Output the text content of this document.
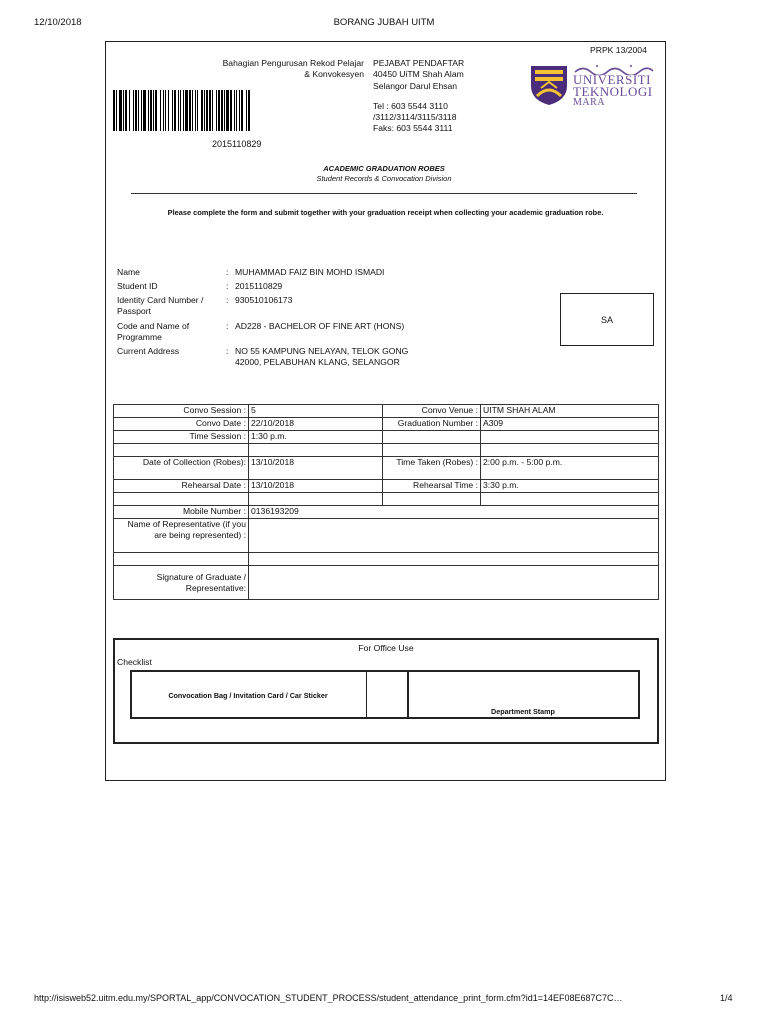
12/10/2018	BORANG JUBAH UITM
PRPK 13/2004
Bahagian Pengurusan Rekod Pelajar
& Konvokesyen
PEJABAT PENDAFTAR
40450 UiTM Shah Alam
Selangor Darul Ehsan
Tel : 603 5544 3110
/3112/3114/3115/3118
Faks: 603 5544 3111
UNIVERSITI
TEKNOLOGI
MARA
2015110829
ACADEMIC GRADUATION ROBES
Student Records & Convocation Division
Please complete the form and submit together with your graduation receipt when collecting your academic graduation robe.
Name	: MUHAMMAD FAIZ BIN MOHD ISMADI
Student ID	: 2015110829
Identity Card Number / Passport
: 930510106173
Code and Name of Programme
: AD228 - BACHELOR OF FINE ART (HONS)
Current Address	: NO 55 KAMPUNG NELAYAN, TELOK GONG
42000, PELABUHAN KLANG, SELANGOR
SA
Convo Session :	5	Convo Venue :	UITM SHAH ALAM
Convo Date :	22/10/2018	Graduation Number :	A309
Time Session :	1:30 p.m.		

Date of Collection (Robes):	13/10/2018	Time Taken (Robes) :	2:00 p.m. - 5:00 p.m.
Rehearsal Date :	13/10/2018	Rehearsal Time :	3:30 p.m.

Mobile Number :	0136193209		
Name of Representative (if you are being represented) :			

Signature of Graduate / Representative:			
For Office Use
Checklist
Convocation Bag / Invitation Card / Car Sticker
Department Stamp
http://isisweb52.uitm.edu.my/SPORTAL_app/CONVOCATION_STUDENT_PROCESS/student_attendance_print_form.cfm?id1=14EF08E687C7C…	1/4
